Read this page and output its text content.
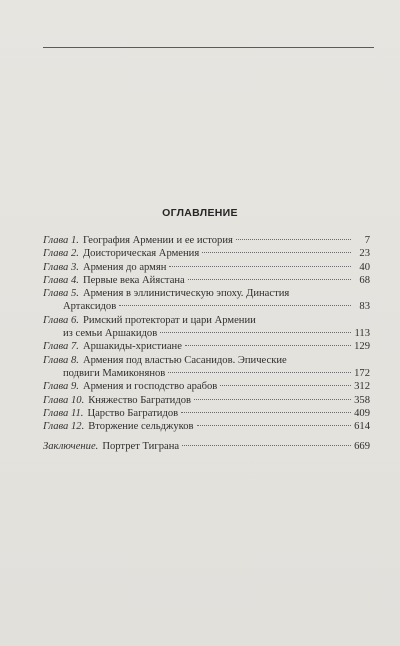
ОГЛАВЛЕНИЕ
Глава 1. География Армении и ее история	7
Глава 2. Доисторическая Армения	23
Глава 3. Армения до армян	40
Глава 4. Первые века Айястана	68
Глава 5. Армения в эллинистическую эпоху. Династия
Артаксидов	83
Глава 6. Римский протекторат и цари Армении
из семьи Аршакидов	113
Глава 7. Аршакиды-христиане	129
Глава 8. Армения под властью Сасанидов. Эпические
подвиги Мамиконянов	172
Глава 9. Армения и господство арабов	312
Глава 10. Княжество Багратидов	358
Глава 11. Царство Багратидов	409
Глава 12. Вторжение сельджуков	614
Заключение. Портрет Тиграна	669
